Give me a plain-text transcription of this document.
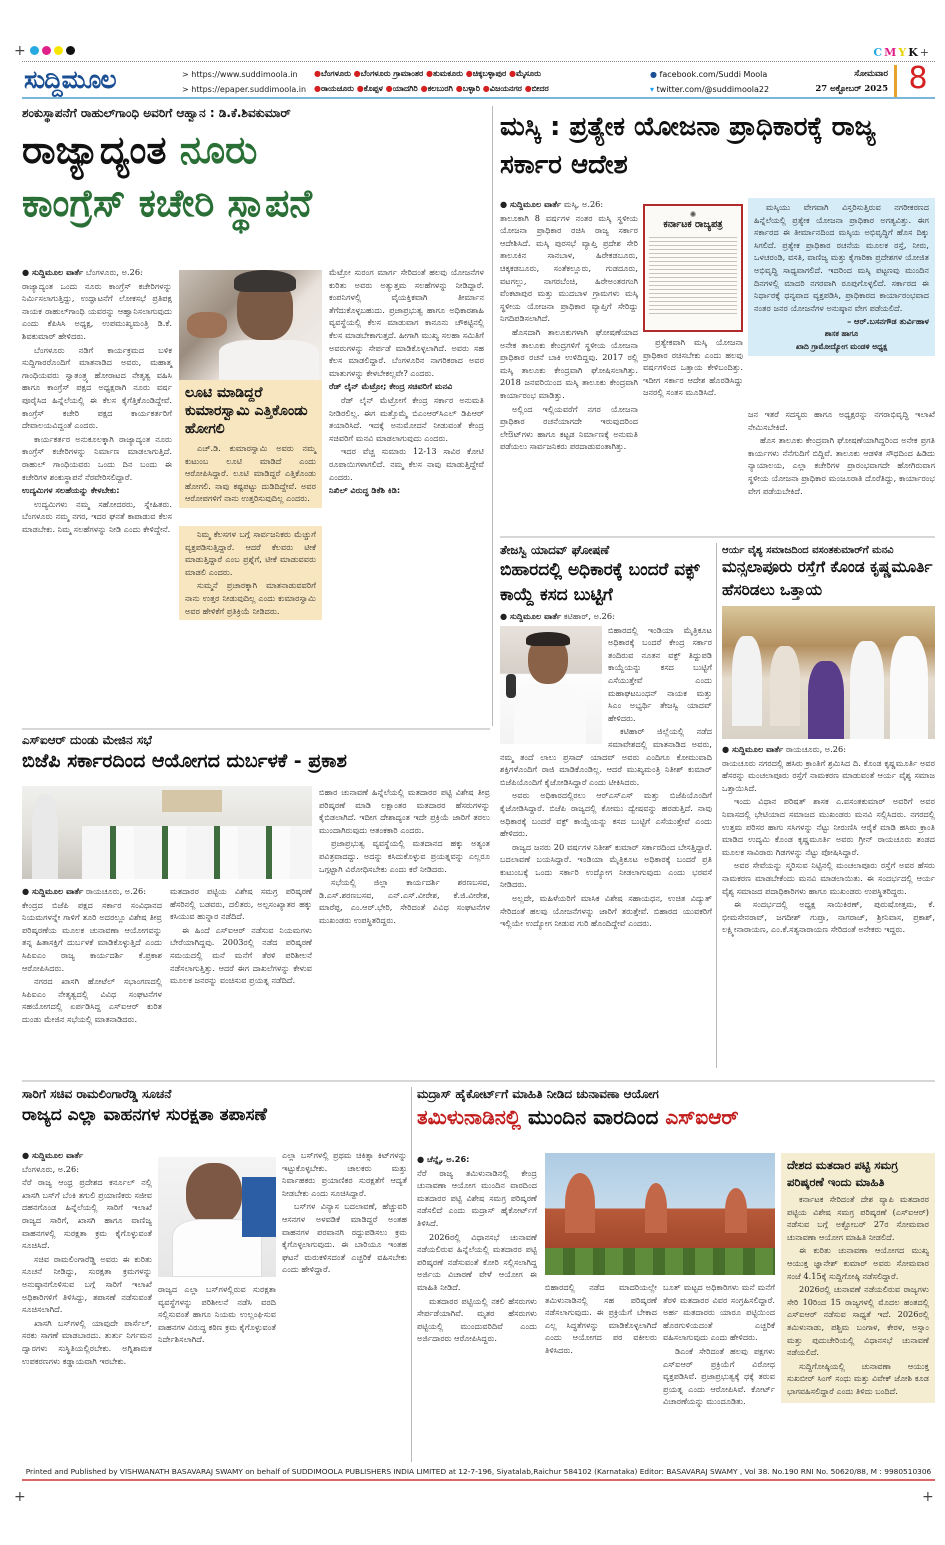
+	CMYK+
ಸುದ್ದಿಮೂಲ	> https://www.suddimoola.in
> https://epaper.suddimoola.in
●ಬೆಂಗಳೂರು ●ಬೆಂಗಳೂರು ಗ್ರಾಮಾಂತರ ●ತುಮಕೂರು ●ಚಿಕ್ಕಬಳ್ಳಾಪುರ ●ಮೈಸೂರು
●ರಾಯಚೂರು ●ಕೊಪ್ಪಳ ●ಯಾದಗಿರಿ ●ಕಲಬುರಗಿ ●ಬಳ್ಳಾರಿ ●ವಿಜಯನಗರ ●ಬೀದರ
● facebook.com/Suddi Moola
▾ twitter.com/@suddimoola22
ಸೋಮವಾರ
27 ಅಕ್ಟೋಬರ್ 2025 8
ಶಂಕುಸ್ಥಾಪನೆಗೆ ರಾಹುಲ್‌ಗಾಂಧಿ ಅವರಿಗೆ ಆಹ್ವಾನ : ಡಿ.ಕೆ.ಶಿವಕುಮಾರ್
ರಾಜ್ಯಾದ್ಯಂತ ನೂರು
ಕಾಂಗ್ರೆಸ್ ಕಚೇರಿ ಸ್ಥಾಪನೆ

● ಸುದ್ದಿಮೂಲ ವಾರ್ತೆ ಬೆಂಗಳೂರು, ಅ.26:

ರಾಜ್ಯಾದ್ಯಂತ ಒಂದು ನೂರು ಕಾಂಗ್ರೆಸ್ ಕಚೇರಿಗಳನ್ನು ನಿರ್ಮಿಸಲಾಗುತ್ತಿದ್ದು, ಉದ್ಘಾಟನೆಗೆ ಲೋಕಸಭೆ ಪ್ರತಿಪಕ್ಷ ನಾಯಕ ರಾಹುಲ್‌ಗಾಂಧಿ ಯವರನ್ನು ಆಹ್ವಾನಿಸಲಾಗುವುದು ಎಂದು ಕೆಪಿಸಿಸಿ ಅಧ್ಯಕ್ಷ, ಉಪಮುಖ್ಯಮಂತ್ರಿ ಡಿ.ಕೆ. ಶಿವಕುಮಾರ್ ಹೇಳಿದರು.

ಬೆಂಗಳೂರು ನಡಿಗೆ ಕಾರ್ಯಕ್ರಮದ ಬಳಿಕ ಸುದ್ದಿಗಾರರೊಂದಿಗೆ ಮಾತನಾಡಿದ ಅವರು, ಮಹಾತ್ಮ ಗಾಂಧಿಯವರು ಸ್ವಾತಂತ್ರ್ಯ ಹೋರಾಟದ ನೇತೃತ್ವ ವಹಿಸಿ ಹಾಗೂ ಕಾಂಗ್ರೆಸ್ ಪಕ್ಷದ ಅಧ್ಯಕ್ಷರಾಗಿ ನೂರು ವರ್ಷ ಪೂರೈಸಿದ ಹಿನ್ನೆಲೆಯಲ್ಲಿ ಈ ಕೆಲಸ ಕೈಗೆತ್ತಿಕೊಂಡಿದ್ದೇವೆ. ಕಾಂಗ್ರೆಸ್ ಕಚೇರಿ ಪಕ್ಷದ ಕಾರ್ಯಕರ್ತರಿಗೆ ದೇವಾಲಯವಿದ್ದಂತೆ ಎಂದರು.

ಕಾರ್ಯಕರ್ತರ ಅನುಕೂಲಕ್ಕಾಗಿ ರಾಜ್ಯಾದ್ಯಂತ ನೂರು ಕಾಂಗ್ರೆಸ್ ಕಚೇರಿಗಳನ್ನು ನಿರ್ಮಾಣ ಮಾಡಲಾಗುತ್ತಿದೆ. ರಾಹುಲ್ ಗಾಂಧಿಯವರು ಒಂದು ದಿನ ಬಂದು ಈ ಕಚೇರಿಗಳ ಶಂಕುಸ್ಥಾಪನೆ ನೆರವೇರಿಸಲಿದ್ದಾರೆ.

ಉದ್ಯಮಿಗಳ ಸಲಹೆಯನ್ನು ಕೇಳಬೇಕು:

ಉದ್ಯಮಿಗಳು ನಮ್ಮ ಸಹೋದರರು, ಸ್ನೇಹಿತರು. ಬೆಂಗಳೂರು ನಮ್ಮ ನಗರ, ಇದರ ಘನತೆ ಕಾಪಾಡುವ ಕೆಲಸ ಮಾಡಬೇಕು. ನಿಮ್ಮ ಸಲಹೆಗಳನ್ನು ನೀಡಿ ಎಂದು ಕೇಳಿದ್ದೇನೆ.

ಲೂಟಿ ಮಾಡಿದ್ದರೆ ಕುಮಾರಸ್ವಾಮಿ ಎತ್ತಿಕೊಂಡು ಹೋಗಲಿ

ಎಚ್.ಡಿ. ಕುಮಾರಸ್ವಾಮಿ ಅವರು ನಮ್ಮ ಕುಟುಂಬ ಲೂಟಿ ಮಾಡಿದೆ ಎಂದು ಆರೋಪಿಸಿದ್ದಾರೆ. ಲೂಟಿ ಮಾಡಿದ್ದರೆ ಎತ್ತಿಕೊಂಡು ಹೋಗಲಿ. ನಾವು ಕಷ್ಟಪಟ್ಟು ದುಡಿದಿದ್ದೇವೆ. ಅವರ ಆರೋಪಗಳಿಗೆ ನಾನು ಉತ್ತರಿಸುವುದಿಲ್ಲ ಎಂದರು.

ನಿಮ್ಮ ಕೆಲಸಗಳ ಬಗ್ಗೆ ಸಾರ್ವಜನಿಕರು ಮೆಚ್ಚುಗೆ ವ್ಯಕ್ತಪಡಿಸುತ್ತಿದ್ದಾರೆ. ಆದರೆ ಕೆಲವರು ಟೀಕೆ ಮಾಡುತ್ತಿದ್ದಾರೆ ಎಂಬ ಪ್ರಶ್ನೆಗೆ, ಟೀಕೆ ಮಾಡುವವರು ಮಾಡಲಿ ಎಂದರು.

ಸುಮ್ಮನೆ ಪ್ರಚಾರಕ್ಕಾಗಿ ಮಾತನಾಡುವವರಿಗೆ ನಾನು ಉತ್ತರ ನೀಡುವುದಿಲ್ಲ ಎಂದು ಕುಮಾರಸ್ವಾಮಿ ಅವರ ಹೇಳಿಕೆಗೆ ಪ್ರತಿಕ್ರಿಯೆ ನೀಡಿದರು.

ಮೆಟ್ರೋ ಸುರಂಗ ಮಾರ್ಗ ಸೇರಿದಂತೆ ಹಲವು ಯೋಜನೆಗಳ ಕುರಿತು ಅವರು ಅತ್ಯುತ್ತಮ ಸಲಹೆಗಳನ್ನು ನೀಡಿದ್ದಾರೆ. ಕಂಪನಿಗಳಲ್ಲಿ ವೈಯಕ್ತಿಕವಾಗಿ ತೀರ್ಮಾನ ತೆಗೆದುಕೊಳ್ಳಬಹುದು. ಪ್ರಜಾಪ್ರಭುತ್ವ ಹಾಗೂ ಅಧಿಕಾರಶಾಹಿ ವ್ಯವಸ್ಥೆಯಲ್ಲಿ ಕೆಲಸ ಮಾಡುವಾಗ ಕಾನೂನು ಚೌಕಟ್ಟಿನಲ್ಲಿ ಕೆಲಸ ಮಾಡಬೇಕಾಗುತ್ತದೆ. ಹೀಗಾಗಿ ಮುಖ್ಯ ಸಲಹಾ ಸಮಿತಿಗೆ ಅವರುಗಳನ್ನು ಸೇರ್ಪಡೆ ಮಾಡಿಕೊಳ್ಳಲಾಗಿದೆ. ಅವರು ಸಹ ಕೆಲಸ ಮಾಡಲಿದ್ದಾರೆ. ಬೆಂಗಳೂರಿನ ನಾಗರಿಕರಾದ ಅವರ ಮಾತುಗಳನ್ನು ಕೇಳಬೇಕಲ್ಲವೇ? ಎಂದರು.

ರೆಡ್ ಲೈನ್ ಮೆಟ್ರೋ; ಕೇಂದ್ರ ಸಚಿವರಿಗೆ ಮನವಿ

ರೆಡ್ ಲೈನ್ ಮೆಟ್ರೋಗೆ ಕೇಂದ್ರ ಸರ್ಕಾರ ಅನುಮತಿ ನೀಡಿರಲಿಲ್ಲ. ಈಗ ಮತ್ತೊಮ್ಮೆ ಬಿಎಂಆರ್‌ಸಿಎಲ್ ಡಿಪಿಆರ್ ತಯಾರಿಸಿದೆ. ಇದಕ್ಕೆ ಅನುಮೋದನೆ ನೀಡುವಂತೆ ಕೇಂದ್ರ ಸಚಿವರಿಗೆ ಮನವಿ ಮಾಡಲಾಗುವುದು ಎಂದರು.

ಇದರ ವೆಚ್ಚ ಸುಮಾರು 12-13 ಸಾವಿರ ಕೋಟಿ ರೂಪಾಯಿಗಳಾಗಲಿದೆ. ನಮ್ಮ ಕೆಲಸ ನಾವು ಮಾಡುತ್ತಿದ್ದೇವೆ ಎಂದರು.

ನಿಖಿಲ್ ವಿರುದ್ಧ ಡಿಕೆಶಿ ಕಿಡಿ:

ಮಸ್ಕಿ : ಪ್ರತ್ಯೇಕ ಯೋಜನಾ ಪ್ರಾಧಿಕಾರಕ್ಕೆ ರಾಜ್ಯ ಸರ್ಕಾರ ಆದೇಶ

● ಸುದ್ದಿಮೂಲ ವಾರ್ತೆ ಮಸ್ಕಿ, ಅ.26:

ತಾಲೂಕಾಗಿ 8 ವರ್ಷಗಳ ನಂತರ ಮಸ್ಕಿ ಸ್ಥಳೀಯ ಯೋಜನಾ ಪ್ರಾಧಿಕಾರ ರಚಿಸಿ ರಾಜ್ಯ ಸರ್ಕಾರ ಆದೇಶಿಸಿದೆ. ಮಸ್ಕಿ ಪುರಸಭೆ ವ್ಯಾಪ್ತಿ ಪ್ರದೇಶ ಸೇರಿ ತಾಲೂಕಿನ ಸಾನಬಾಳ, ಹಿರೇಕಡಬೂರು, ಚಿಕ್ಕಕಡಬೂರು, ಸಂತೆಕಲ್ಲೂರು, ಗುಡದೂರು, ವಟಗಲ್ಲು, ನಾಗರಬೆಂಚಿ, ಹಿರೇಅಂತರಗಂಗಿ ವೆಂಕಟಾಪುರ ಮತ್ತು ಮುದಬಾಳ ಗ್ರಾಮಗಳು ಮಸ್ಕಿ ಸ್ಥಳೀಯ ಯೋಜನಾ ಪ್ರಾಧಿಕಾರ ವ್ಯಾಪ್ತಿಗೆ ಸೇರಿದ್ದು ನಿಗದಿಪಡಿಸಲಾಗಿದೆ.

ಹೊಸದಾಗಿ ತಾಲೂಕುಗಳಾಗಿ ಘೋಷಣೆಯಾದ ಅನೇಕ ತಾಲೂಕು ಕೇಂದ್ರಗಳಿಗೆ ಸ್ಥಳೀಯ ಯೋಜನಾ ಪ್ರಾಧಿಕಾರ ರಚನೆ ಬಾಕಿ ಉಳಿದಿದ್ದವು. 2017 ರಲ್ಲಿ ಮಸ್ಕಿ ತಾಲೂಕು ಕೇಂದ್ರವಾಗಿ ಘೋಷಿಸಲಾಗಿತ್ತು. 2018 ಜನವರಿಯಿಂದ ಮಸ್ಕಿ ತಾಲೂಕು ಕೇಂದ್ರವಾಗಿ ಕಾರ್ಯಾರಂಭ ಮಾಡಿತ್ತು.

ಅಲ್ಲಿಂದ ಇಲ್ಲಿಯವರೆಗೆ ನಗರ ಯೋಜನಾ ಪ್ರಾಧಿಕಾರ ರಚನೆಯಾಗದೇ ಇರುವುದರಿಂದ ಲೇಔಟ್‌ಗಳು ಹಾಗೂ ಕಟ್ಟಡ ನಿರ್ಮಾಣಕ್ಕೆ ಅನುಮತಿ ಪಡೆಯಲು ಸಾರ್ವಜನಿಕರು ಪರದಾಡುವಂತಾಗಿತ್ತು.

✺
ಕರ್ನಾಟಕ ರಾಜ್ಯಪತ್ರ

ಪ್ರತ್ಯೇಕವಾಗಿ ಮಸ್ಕಿ ಯೋಜನಾ ಪ್ರಾಧಿಕಾರ ರಚಿಸಬೇಕು ಎಂದು ಹಲವು ವರ್ಷಗಳಿಂದ ಒತ್ತಾಯ ಕೇಳಿಬಂದಿತ್ತು. ಇದೀಗ ಸರ್ಕಾರ ಆದೇಶ ಹೊರಡಿಸಿದ್ದು ಜನರಲ್ಲಿ ಸಂತಸ ಮೂಡಿಸಿದೆ.

ಮಸ್ಕಿಯು ವೇಗವಾಗಿ ವಿಸ್ತರಿಸುತ್ತಿರುವ ನಗರೀಕರಣದ ಹಿನ್ನೆಲೆಯಲ್ಲಿ ಪ್ರತ್ಯೇಕ ಯೋಜನಾ ಪ್ರಾಧಿಕಾರ ಅಗತ್ಯವಿತ್ತು. ಈಗ ಸರ್ಕಾರದ ಈ ತೀರ್ಮಾನದಿಂದ ಮಸ್ಕಿಯ ಅಭಿವೃದ್ಧಿಗೆ ಹೊಸ ದಿಕ್ಕು ಸಿಗಲಿದೆ. ಪ್ರತ್ಯೇಕ ಪ್ರಾಧಿಕಾರ ರಚನೆಯ ಮೂಲಕ ರಸ್ತೆ, ನೀರು, ಒಳಚರಂಡಿ, ವಸತಿ, ವಾಣಿಜ್ಯ ಮತ್ತು ಕೈಗಾರಿಕಾ ಪ್ರದೇಶಗಳ ಯೋಜಿತ ಅಭಿವೃದ್ಧಿ ಸಾಧ್ಯವಾಗಲಿದೆ. ಇದರಿಂದ ಮಸ್ಕಿ ಪಟ್ಟಣವು ಮುಂದಿನ ದಿನಗಳಲ್ಲಿ ಮಾದರಿ ನಗರವಾಗಿ ರೂಪುಗೊಳ್ಳಲಿದೆ. ಸರ್ಕಾರದ ಈ ನಿರ್ಧಾರಕ್ಕೆ ಧನ್ಯವಾದ ವ್ಯಕ್ತಪಡಿಸಿ, ಪ್ರಾಧಿಕಾರದ ಕಾರ್ಯಾರಂಭವಾದ ನಂತರ ಜನರ ಯೋಜನೆಗಳ ಅನುಷ್ಠಾನ ವೇಗ ಪಡೆಯಲಿದೆ.

– ಆರ್.ಬಸನಗೌಡ ತುರ್ವಿಹಾಳ
ಶಾಸಕ ಹಾಗೂ
ಖಾದಿ ಗ್ರಾಮೋದ್ಯೋಗ ಮಂಡಳಿ ಅಧ್ಯಕ್ಷ

ಜನ ಇತರೆ ಸದಸ್ಯರು ಹಾಗೂ ಅಧ್ಯಕ್ಷರನ್ನು ನಗರಾಭಿವೃದ್ಧಿ ಇಲಾಖೆ ನೇಮಿಸಬೇಕಿದೆ.

ಹೊಸ ತಾಲೂಕು ಕೇಂದ್ರವಾಗಿ ಘೋಷಣೆಯಾಗಿದ್ದರಿಂದ ಅನೇಕ ಪ್ರಗತಿ ಕಾರ್ಯಗಳು ನೆನೆಗುದಿಗೆ ಬಿದ್ದಿವೆ. ತಾಲೂಕು ಆಡಳಿತ ಸೌಧದಿಂದ ಹಿಡಿದು ನ್ಯಾಯಾಲಯ, ಎಲ್ಲಾ ಕಚೇರಿಗಳ ಪ್ರಾರಂಭವಾಗದೇ ಹೋಗಿರುವಾಗ ಸ್ಥಳೀಯ ಯೋಜನಾ ಪ್ರಾಧಿಕಾರ ಮಂಜೂರಾತಿ ದೊರೆತಿದ್ದು, ಕಾರ್ಯಾರಂಭ ವೇಗ ಪಡೆಯಬೇಕಿದೆ.

ತೇಜಸ್ವಿ ಯಾದವ್ ಘೋಷಣೆ
ಬಿಹಾರದಲ್ಲಿ ಅಧಿಕಾರಕ್ಕೆ ಬಂದರೆ ವಕ್ಫ್ ಕಾಯ್ದೆ ಕಸದ ಬುಟ್ಟಿಗೆ

● ಸುದ್ದಿಮೂಲ ವಾರ್ತೆ ಕಟಿಹಾರ್, ಅ.26:

ಬಿಹಾರದಲ್ಲಿ ಇಂಡಿಯಾ ಮೈತ್ರಿಕೂಟ ಅಧಿಕಾರಕ್ಕೆ ಬಂದರೆ ಕೇಂದ್ರ ಸರ್ಕಾರ ತಂದಿರುವ ನೂತನ ವಕ್ಫ್ ತಿದ್ದುಪಡಿ ಕಾಯ್ದೆಯನ್ನು ಕಸದ ಬುಟ್ಟಿಗೆ ಎಸೆಯುತ್ತೇವೆ ಎಂದು ಮಹಾಘಟಬಂಧನ್ ನಾಯಕ ಮತ್ತು ಸಿಎಂ ಅಭ್ಯರ್ಥಿ ತೇಜಸ್ವಿ ಯಾದವ್ ಹೇಳಿದರು.

ಕಟಿಹಾರ್ ಜಿಲ್ಲೆಯಲ್ಲಿ ನಡೆದ ಸಮಾವೇಶದಲ್ಲಿ ಮಾತನಾಡಿದ ಅವರು, ನಮ್ಮ ತಂದೆ ಲಾಲು ಪ್ರಸಾದ್ ಯಾದವ್ ಅವರು ಎಂದಿಗೂ ಕೋಮುವಾದಿ ಶಕ್ತಿಗಳೊಂದಿಗೆ ರಾಜಿ ಮಾಡಿಕೊಂಡಿಲ್ಲ. ಆದರೆ ಮುಖ್ಯಮಂತ್ರಿ ನಿತೀಶ್ ಕುಮಾರ್ ಬಿಜೆಪಿಯೊಂದಿಗೆ ಕೈಜೋಡಿಸಿದ್ದಾರೆ ಎಂದು ಟೀಕಿಸಿದರು.

ಅವರು ಅಧಿಕಾರದಲ್ಲಿರಲು ಆರ್‌ಎಸ್‌ಎಸ್ ಮತ್ತು ಬಿಜೆಪಿಯೊಂದಿಗೆ ಕೈಜೋಡಿಸಿದ್ದಾರೆ. ಬಿಜೆಪಿ ರಾಜ್ಯದಲ್ಲಿ ಕೋಮು ದ್ವೇಷವನ್ನು ಹರಡುತ್ತಿದೆ. ನಾವು ಅಧಿಕಾರಕ್ಕೆ ಬಂದರೆ ವಕ್ಫ್ ಕಾಯ್ದೆಯನ್ನು ಕಸದ ಬುಟ್ಟಿಗೆ ಎಸೆಯುತ್ತೇವೆ ಎಂದು ಹೇಳಿದರು.

ರಾಜ್ಯದ ಜನರು 20 ವರ್ಷಗಳ ನಿತೀಶ್ ಕುಮಾರ್ ಸರ್ಕಾರದಿಂದ ಬೇಸತ್ತಿದ್ದಾರೆ. ಬದಲಾವಣೆ ಬಯಸಿದ್ದಾರೆ. ಇಂಡಿಯಾ ಮೈತ್ರಿಕೂಟ ಅಧಿಕಾರಕ್ಕೆ ಬಂದರೆ ಪ್ರತಿ ಕುಟುಂಬಕ್ಕೆ ಒಂದು ಸರ್ಕಾರಿ ಉದ್ಯೋಗ ನೀಡಲಾಗುವುದು ಎಂದು ಭರವಸೆ ನೀಡಿದರು.

ಅಲ್ಲದೇ, ಮಹಿಳೆಯರಿಗೆ ಮಾಸಿಕ ವಿಶೇಷ ಸಹಾಯಧನ, ಉಚಿತ ವಿದ್ಯುತ್ ಸೇರಿದಂತೆ ಹಲವು ಯೋಜನೆಗಳನ್ನು ಜಾರಿಗೆ ತರುತ್ತೇವೆ. ಬಿಹಾರದ ಯುವಕರಿಗೆ ಇಲ್ಲಿಯೇ ಉದ್ಯೋಗ ನೀಡುವ ಗುರಿ ಹೊಂದಿದ್ದೇವೆ ಎಂದರು.

ಆರ್ಯ ವೈಶ್ಯ ಸಮಾಜದಿಂದ ವಸಂತಕುಮಾರ್‌ಗೆ ಮನವಿ
ಮನ್ಸಲಾಪೂರು ರಸ್ತೆಗೆ ಕೊಂಡ ಕೃಷ್ಣಮೂರ್ತಿ ಹೆಸರಿಡಲು ಒತ್ತಾಯ

● ಸುದ್ದಿಮೂಲ ವಾರ್ತೆ ರಾಯಚೂರು, ಅ.26:

ರಾಯಚೂರು ನಗರದಲ್ಲಿ ಹಸಿರು ಕ್ರಾಂತಿಗೆ ಶ್ರಮಿಸಿದ ದಿ. ಕೊಂಡ ಕೃಷ್ಣಮೂರ್ತಿ ಅವರ ಹೆಸರನ್ನು ಮಂಚಲಾಪೂರು ರಸ್ತೆಗೆ ನಾಮಕರಣ ಮಾಡುವಂತೆ ಆರ್ಯ ವೈಶ್ಯ ಸಮಾಜ ಒತ್ತಾಯಿಸಿದೆ.

ಇಂದು ವಿಧಾನ ಪರಿಷತ್ ಶಾಸಕ ಎ.ವಸಂತಕುಮಾರ್ ಅವರಿಗೆ ಅವರ ನಿವಾಸದಲ್ಲಿ ಭೇಟಿಯಾದ ಸಮಾಜದ ಮುಖಂಡರು ಮನವಿ ಸಲ್ಲಿಸಿದರು. ನಗರದಲ್ಲಿ ಉತ್ತಮ ಪರಿಸರ ಹಾಗು ಸಸಿಗಳನ್ನು ನೆಟ್ಟು ನೀರುಣಿಸಿ ಆರೈಕೆ ಮಾಡಿ ಹಸಿರು ಕ್ರಾಂತಿ ಮಾಡಿದ ಉದ್ಯಮಿ ಕೊಂಡ ಕೃಷ್ಣಮೂರ್ತಿ ಅವರು ಗ್ರೀನ್ ರಾಯಚೂರು ತಂಡದ ಮೂಲಕ ಸಾವಿರಾರು ಗಿಡಗಳನ್ನು ನೆಟ್ಟು ಪೋಷಿಸಿದ್ದಾರೆ.

ಅವರ ಸೇವೆಯನ್ನು ಸ್ಮರಿಸುವ ನಿಟ್ಟಿನಲ್ಲಿ ಮಂಚಲಾಪೂರು ರಸ್ತೆಗೆ ಅವರ ಹೆಸರು ನಾಮಕರಣ ಮಾಡಬೇಕೆಂದು ಮನವಿ ಮಾಡಲಾಯಿತು. ಈ ಸಂದರ್ಭದಲ್ಲಿ ಆರ್ಯ ವೈಶ್ಯ ಸಮಾಜದ ಪದಾಧಿಕಾರಿಗಳು ಹಾಗೂ ಮುಖಂಡರು ಉಪಸ್ಥಿತರಿದ್ದರು.

ಈ ಸಂದರ್ಭದಲ್ಲಿ ಅಧ್ಯಕ್ಷ ಸಾಯಿಕಿರಣ್, ಪುರುಷೋತ್ತಮ, ಕೆ. ಭೀಮಸೇನರಾವ್, ಜಗದೀಶ್ ಗುಪ್ತಾ, ನಾಗರಾಜ್, ಶ್ರೀನಿವಾಸ, ಪ್ರಕಾಶ್, ಲಕ್ಷ್ಮೀನಾರಾಯಣ, ಎಂ.ಕೆ.ಸತ್ಯನಾರಾಯಣ ಸೇರಿದಂತೆ ಅನೇಕರು ಇದ್ದರು.

ಎಸ್‌ಐಆರ್ ದುಂಡು ಮೇಜಿನ ಸಭೆ
ಬಿಜೆಪಿ ಸರ್ಕಾರದಿಂದ ಆಯೋಗದ ದುರ್ಬಳಕೆ - ಪ್ರಕಾಶ

ಬಿಹಾರ ಚುನಾವಣೆ ಹಿನ್ನೆಲೆಯಲ್ಲಿ ಮತದಾರರ ಪಟ್ಟಿ ವಿಶೇಷ ತೀವ್ರ ಪರಿಷ್ಕರಣೆ ಮಾಡಿ ಲಕ್ಷಾಂತರ ಮತದಾರರ ಹೆಸರುಗಳನ್ನು ಕೈಬಿಡಲಾಗಿದೆ. ಇದೀಗ ದೇಶಾದ್ಯಂತ ಇದೇ ಪ್ರಕ್ರಿಯೆ ಜಾರಿಗೆ ತರಲು ಮುಂದಾಗಿರುವುದು ಆತಂಕಕಾರಿ ಎಂದರು.

ಪ್ರಜಾಪ್ರಭುತ್ವ ವ್ಯವಸ್ಥೆಯಲ್ಲಿ ಮತದಾನದ ಹಕ್ಕು ಅತ್ಯಂತ ಪವಿತ್ರವಾದದ್ದು. ಅದನ್ನು ಕಸಿದುಕೊಳ್ಳುವ ಪ್ರಯತ್ನವನ್ನು ಎಲ್ಲರೂ ಒಗ್ಗಟ್ಟಾಗಿ ವಿರೋಧಿಸಬೇಕು ಎಂದು ಕರೆ ನೀಡಿದರು.

ಸಭೆಯಲ್ಲಿ ಜಿಲ್ಲಾ ಕಾರ್ಯದರ್ಶಿ ಶರಣಬಸವ, ಡಿ.ಎಸ್.ಶರಣಬಸವ, ಎನ್.ಎಸ್.ವೀರೇಶ, ಕೆ.ಜಿ.ವೀರೇಶ, ಮಾರೆಪ್ಪ, ಎಂ.ಆರ್.ಭೇರಿ, ಸೇರಿದಂತೆ ವಿವಿಧ ಸಂಘಟನೆಗಳ ಮುಖಂಡರು ಉಪಸ್ಥಿತರಿದ್ದರು.

● ಸುದ್ದಿಮೂಲ ವಾರ್ತೆ ರಾಯಚೂರು, ಅ.26:

ಕೇಂದ್ರದ ಬಿಜೆಪಿ ಪಕ್ಷದ ಸರ್ಕಾರ ಸಂವಿಧಾನದ ನಿಯಮಗಳನ್ನೇ ಗಾಳಿಗೆ ತೂರಿ ಅದರಲ್ಲೂ ವಿಶೇಷ ತೀವ್ರ ಪರಿಷ್ಕರಣೆಯ ಮೂಲಕ ಚುನಾವಣಾ ಆಯೋಗವನ್ನು ತನ್ನ ಹಿತಾಸಕ್ತಿಗೆ ದುರ್ಬಳಕೆ ಮಾಡಿಕೊಳ್ಳುತ್ತಿದೆ ಎಂದು ಸಿಪಿಐಎಂ ರಾಜ್ಯ ಕಾರ್ಯದರ್ಶಿ ಕೆ.ಪ್ರಕಾಶ ಆರೋಪಿಸಿದರು.

ನಗರದ ಖಾಸಗಿ ಹೋಟೆಲ್ ಸಭಾಂಗಣದಲ್ಲಿ ಸಿಪಿಐಎಂ ನೇತೃತ್ವದಲ್ಲಿ ವಿವಿಧ ಸಂಘಟನೆಗಳ ಸಹಯೋಗದಲ್ಲಿ ಏರ್ಪಡಿಸಿದ್ದ ಎಸ್‌ಐಆರ್ ಕುರಿತ ದುಂಡು ಮೇಜಿನ ಸಭೆಯಲ್ಲಿ ಮಾತನಾಡಿದರು.

ಮತದಾರರ ಪಟ್ಟಿಯ ವಿಶೇಷ ಸಮಗ್ರ ಪರಿಷ್ಕರಣೆ ಹೆಸರಿನಲ್ಲಿ ಬಡವರು, ದಲಿತರು, ಅಲ್ಪಸಂಖ್ಯಾತರ ಹಕ್ಕು ಕಸಿಯುವ ಹುನ್ನಾರ ನಡೆದಿದೆ.

ಈ ಹಿಂದೆ ಎಸ್‌ಐಆರ್ ನಡೆಸುವ ನಿಯಮಗಳು ಬೇರೆಯಾಗಿದ್ದವು. 2003ರಲ್ಲಿ ನಡೆದ ಪರಿಷ್ಕರಣೆ ಸಮಯದಲ್ಲಿ ಮನೆ ಮನೆಗೆ ತೆರಳಿ ಪರಿಶೀಲನೆ ನಡೆಸಲಾಗುತ್ತಿತ್ತು. ಆದರೆ ಈಗ ದಾಖಲೆಗಳನ್ನು ಕೇಳುವ ಮೂಲಕ ಜನರನ್ನು ವಂಚಿಸುವ ಪ್ರಯತ್ನ ನಡೆದಿದೆ.

ಸಾರಿಗೆ ಸಚಿವ ರಾಮಲಿಂಗಾರೆಡ್ಡಿ ಸೂಚನೆ
ರಾಜ್ಯದ ಎಲ್ಲಾ ವಾಹನಗಳ ಸುರಕ್ಷತಾ ತಪಾಸಣೆ

● ಸುದ್ದಿಮೂಲ ವಾರ್ತೆ

ಬೆಂಗಳೂರು, ಅ.26:

ನೆರೆ ರಾಜ್ಯ ಆಂಧ್ರ ಪ್ರದೇಶದ ಕರ್ನೂಲ್ ನಲ್ಲಿ ಖಾಸಗಿ ಬಸ್‌ಗೆ ಬೆಂಕಿ ತಗುಲಿ ಪ್ರಯಾಣಿಕರು ಸಜೀವ ದಹನಗೊಂಡ ಹಿನ್ನೆಲೆಯಲ್ಲಿ ಸಾರಿಗೆ ಇಲಾಖೆ ರಾಜ್ಯದ ಸಾರಿಗೆ, ಖಾಸಗಿ ಹಾಗೂ ವಾಣಿಜ್ಯ ವಾಹನಗಳಲ್ಲಿ ಸುರಕ್ಷತಾ ಕ್ರಮ ಕೈಗೊಳ್ಳುವಂತೆ ಸೂಚಿಸಿದೆ.

ಸಚಿವ ರಾಮಲಿಂಗಾರೆಡ್ಡಿ ಅವರು ಈ ಕುರಿತು ಸೂಚನೆ ನೀಡಿದ್ದು, ಸುರಕ್ಷತಾ ಕ್ರಮಗಳನ್ನು ಅನುಷ್ಠಾನಗೊಳಿಸುವ ಬಗ್ಗೆ ಸಾರಿಗೆ ಇಲಾಖೆ ಅಧಿಕಾರಿಗಳಿಗೆ ತಿಳಿಸಿದ್ದು, ತಪಾಸಣೆ ನಡೆಸುವಂತೆ ಸೂಚಿಸಲಾಗಿದೆ.

ಖಾಸಗಿ ಬಸ್‌ಗಳಲ್ಲಿ ಯಾವುದೇ ಪಾರ್ಸೆಲ್, ಸರಕು ಸಾಗಣೆ ಮಾಡಬಾರದು. ತುರ್ತು ನಿರ್ಗಮನ ದ್ವಾರಗಳು ಸುಸ್ಥಿತಿಯಲ್ಲಿರಬೇಕು. ಅಗ್ನಿಶಾಮಕ ಉಪಕರಣಗಳು ಕಡ್ಡಾಯವಾಗಿ ಇರಬೇಕು.

ರಾಜ್ಯದ ಎಲ್ಲಾ ಬಸ್‌ಗಳಲ್ಲಿರುವ ಸುರಕ್ಷತಾ ವ್ಯವಸ್ಥೆಗಳನ್ನು ಪರಿಶೀಲನೆ ನಡೆಸಿ ವರದಿ ಸಲ್ಲಿಸುವಂತೆ ಹಾಗೂ ನಿಯಮ ಉಲ್ಲಂಘಿಸುವ ವಾಹನಗಳ ವಿರುದ್ಧ ಕಠಿಣ ಕ್ರಮ ಕೈಗೊಳ್ಳುವಂತೆ ನಿರ್ದೇಶಿಸಲಾಗಿದೆ.

ಎಲ್ಲಾ ಬಸ್‌ಗಳಲ್ಲಿ ಪ್ರಥಮ ಚಿಕಿತ್ಸಾ ಕಿಟ್‌ಗಳನ್ನು ಇಟ್ಟುಕೊಳ್ಳಬೇಕು. ಚಾಲಕರು ಮತ್ತು ನಿರ್ವಾಹಕರು ಪ್ರಯಾಣಿಕರ ಸುರಕ್ಷತೆಗೆ ಆದ್ಯತೆ ನೀಡಬೇಕು ಎಂದು ಸೂಚಿಸಿದ್ದಾರೆ.

ಬಸ್‌ಗಳ ವಿನ್ಯಾಸ ಬದಲಾವಣೆ, ಹೆಚ್ಚುವರಿ ಆಸನಗಳ ಅಳವಡಿಕೆ ಮಾಡಿದ್ದರೆ ಅಂತಹ ವಾಹನಗಳ ಪರವಾನಗಿ ರದ್ದುಪಡಿಸಲು ಕ್ರಮ ಕೈಗೊಳ್ಳಲಾಗುವುದು. ಈ ಬಾರಿಯೂ ಇಂತಹ ಘಟನೆ ಮರುಕಳಿಸದಂತೆ ಎಚ್ಚರಿಕೆ ವಹಿಸಬೇಕು ಎಂದು ಹೇಳಿದ್ದಾರೆ.

ಮದ್ರಾಸ್ ಹೈಕೋರ್ಟ್‌ಗೆ ಮಾಹಿತಿ ನೀಡಿದ ಚುನಾವಣಾ ಆಯೋಗ
ತಮಿಳುನಾಡಿನಲ್ಲಿ ಮುಂದಿನ ವಾರದಿಂದ ಎಸ್‌ಐಆರ್

● ಚೆನ್ನೈ, ಅ.26:

ನೆರೆ ರಾಜ್ಯ ತಮಿಳುನಾಡಿನಲ್ಲಿ ಕೇಂದ್ರ ಚುನಾವಣಾ ಆಯೋಗ ಮುಂದಿನ ವಾರದಿಂದ ಮತದಾರರ ಪಟ್ಟಿ ವಿಶೇಷ ಸಮಗ್ರ ಪರಿಷ್ಕರಣೆ ನಡೆಸಲಿದೆ ಎಂದು ಮದ್ರಾಸ್ ಹೈಕೋರ್ಟ್‌ಗೆ ತಿಳಿಸಿದೆ.

2026ರಲ್ಲಿ ವಿಧಾನಸಭೆ ಚುನಾವಣೆ ನಡೆಯಲಿರುವ ಹಿನ್ನೆಲೆಯಲ್ಲಿ ಮತದಾರರ ಪಟ್ಟಿ ಪರಿಷ್ಕರಣೆ ನಡೆಸುವಂತೆ ಕೋರಿ ಸಲ್ಲಿಸಲಾಗಿದ್ದ ಅರ್ಜಿಯ ವಿಚಾರಣೆ ವೇಳೆ ಆಯೋಗ ಈ ಮಾಹಿತಿ ನೀಡಿದೆ.

ಮತದಾರರ ಪಟ್ಟಿಯಲ್ಲಿ ನಕಲಿ ಹೆಸರುಗಳು ಸೇರ್ಪಡೆಯಾಗಿವೆ. ಮೃತರ ಹೆಸರುಗಳು ಪಟ್ಟಿಯಲ್ಲಿ ಮುಂದುವರಿದಿವೆ ಎಂದು ಅರ್ಜಿದಾರರು ಆರೋಪಿಸಿದ್ದರು.

ಬಿಹಾರದಲ್ಲಿ ನಡೆದ ಮಾದರಿಯಲ್ಲೇ ತಮಿಳುನಾಡಿನಲ್ಲಿ ಸಹ ಪರಿಷ್ಕರಣೆ ನಡೆಸಲಾಗುವುದು. ಈ ಪ್ರಕ್ರಿಯೆಗೆ ಬೇಕಾದ ಎಲ್ಲ ಸಿದ್ಧತೆಗಳನ್ನು ಮಾಡಿಕೊಳ್ಳಲಾಗಿದೆ ಎಂದು ಆಯೋಗದ ಪರ ವಕೀಲರು ತಿಳಿಸಿದರು.

ಬೂತ್ ಮಟ್ಟದ ಅಧಿಕಾರಿಗಳು ಮನೆ ಮನೆಗೆ ತೆರಳಿ ಮತದಾರರ ವಿವರ ಸಂಗ್ರಹಿಸಲಿದ್ದಾರೆ. ಅರ್ಹ ಮತದಾರರು ಯಾರೂ ಪಟ್ಟಿಯಿಂದ ಹೊರಗುಳಿಯದಂತೆ ಎಚ್ಚರಿಕೆ ವಹಿಸಲಾಗುವುದು ಎಂದು ಹೇಳಿದರು.

ಡಿಎಂಕೆ ಸೇರಿದಂತೆ ಹಲವು ಪಕ್ಷಗಳು ಎಸ್‌ಐಆರ್ ಪ್ರಕ್ರಿಯೆಗೆ ವಿರೋಧ ವ್ಯಕ್ತಪಡಿಸಿವೆ. ಪ್ರಜಾಪ್ರಭುತ್ವಕ್ಕೆ ಧಕ್ಕೆ ತರುವ ಪ್ರಯತ್ನ ಎಂದು ಆರೋಪಿಸಿವೆ. ಕೋರ್ಟ್ ವಿಚಾರಣೆಯನ್ನು ಮುಂದೂಡಿತು.

ದೇಶದ ಮತದಾರ ಪಟ್ಟಿ ಸಮಗ್ರ ಪರಿಷ್ಕರಣೆ ಇಂದು ಮಾಹಿತಿ

ಕರ್ನಾಟಕ ಸೇರಿದಂತೆ ದೇಶ ವ್ಯಾಪಿ ಮತದಾರರ ಪಟ್ಟಿಯ ವಿಶೇಷ ಸಮಗ್ರ ಪರಿಷ್ಕರಣೆ (ಎಸ್‌ಐಆರ್) ನಡೆಸುವ ಬಗ್ಗೆ ಅಕ್ಟೋಬರ್ 27ರ ಸೋಮವಾರ ಚುನಾವಣಾ ಆಯೋಗ ಮಾಹಿತಿ ನೀಡಲಿದೆ.

ಈ ಕುರಿತು ಚುನಾವಣಾ ಆಯೋಗದ ಮುಖ್ಯ ಆಯುಕ್ತ ಜ್ಞಾನೇಶ್ ಕುಮಾರ್ ಅವರು ಸೋಮವಾರ ಸಂಜೆ 4.15ಕ್ಕೆ ಸುದ್ದಿಗೋಷ್ಠಿ ನಡೆಸಲಿದ್ದಾರೆ.

2026ರಲ್ಲಿ ಚುನಾವಣೆ ನಡೆಯಲಿರುವ ರಾಜ್ಯಗಳು ಸೇರಿ 10ರಿಂದ 15 ರಾಜ್ಯಗಳಲ್ಲಿ ಮೊದಲ ಹಂತದಲ್ಲಿ ಎಸ್‌ಐಆರ್ ನಡೆಸುವ ಸಾಧ್ಯತೆ ಇದೆ. 2026ರಲ್ಲಿ ತಮಿಳುನಾಡು, ಪಶ್ಚಿಮ ಬಂಗಾಳ, ಕೇರಳ, ಅಸ್ಸಾಂ ಮತ್ತು ಪುದುಚೇರಿಯಲ್ಲಿ ವಿಧಾನಸಭೆ ಚುನಾವಣೆ ನಡೆಯಲಿದೆ.

ಸುದ್ದಿಗೋಷ್ಠಿಯಲ್ಲಿ ಚುನಾವಣಾ ಆಯುಕ್ತ ಸುಖಬೀರ್ ಸಿಂಗ್ ಸಂಧು ಮತ್ತು ವಿವೇಕ್ ಜೋಶಿ ಕೂಡ ಭಾಗವಹಿಸಲಿದ್ದಾರೆ ಎಂದು ತಿಳಿದು ಬಂದಿದೆ.

Printed and Published by VISHWANATH BASAVARAJ SWAMY on behalf of SUDDIMOOLA PUBLISHERS INDIA LIMITED at 12-7-196, Siyatalab,Raichur 584102 (Karnataka) Editor: BASAVARAJ SWAMY , Vol 38. No.190 RNI No. 50620/88, M : 9980510306
+	+
